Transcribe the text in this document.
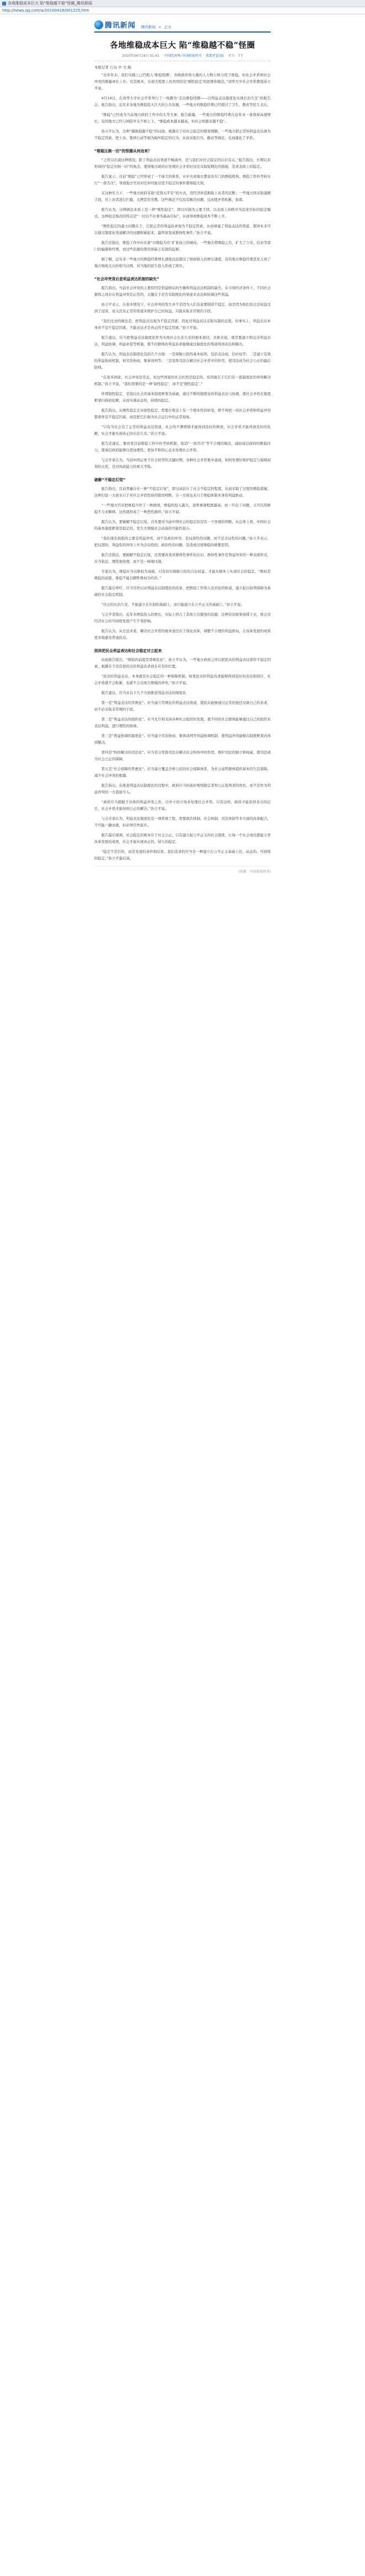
各地维稳成本巨大 陷“维稳越不稳”怪圈_腾讯新闻
http://news.qq.com/a/20100419/001225.htm
腾讯新闻 腾讯新闻 > 正文
各地维稳成本巨大 陷“维稳越不稳”怪圈
2010年04月19日 01:41 中国经济网-中国新闻周刊 我要评论(0) 字号：T T
本报记者 丘沅 中 文 编

“去年年末，我们实践上已经陷入‘维稳怪圈’，各级政府将大量的人力物力财力用于维稳，但社会矛盾和社会冲突的数量却在上升。究其根本，在很大程度上仍然用的是‘刚性稳定’的思维和做法。”清华大学社会学系教授孙立平说。

4月14日，在清华大学社会学系举行了一场题为“走出维稳怪圈——以利益表达制度化实现长治久安”的报告会。报告指出，近年来各地为维稳投入巨大的公共资源，一些地方的维稳经费已经超过了卫生、教育等民生支出。

“维稳”已经成为当前地方政府工作中的头等大事。报告披露，一些地方的维稳经费在近年来一直保持高速增长，有的地方已经与国防开支不相上下，“维稳成本越来越高，但社会却越来越不稳”。

孙立平认为，这种“越维稳越不稳”的局面，根源在于对社会稳定的错误理解。一些地方把正常的利益表达视为不稳定因素，把上访、集体行动等视为破坏稳定的行为，从而采取打压、截访等做法，反而激化了矛盾。

“维稳压倒一切”的怪圈从何而来？

“之所以出现这种情况，除了利益表达渠道不畅通外，还与我们对社会稳定的认识有关。”报告指出，长期以来形成的“稳定压倒一切”的观念，使得地方政府在处理社会矛盾时往往采取短期化的措施，追求表面上的稳定。

报告显示，目前“维稳”已经形成了一个庞大的体系，从中央到地方都设有专门的维稳机构。维稳工作的考核实行“一票否决”，导致地方官员对任何可能引发不稳定的事件都如临大敌。

在这种压力下，一些地方政府采取“花钱买平安”的方式，用经济补偿换取上访者的沉默；一些地方则采取强硬手段，对上访者进行拦截、关押甚至劳教。这些做法不仅没有解决问题，反而使矛盾积累、加深。

报告认为，这种做法本质上是一种“刚性稳定”，即以压制为主要手段、以表面上的秩序为追求目标的稳定模式。这种稳定模式的特点是“一切以不出事为最高目标”，从而导致维稳成本不断上升。

“刚性稳定的最大问题在于，它把正常的利益诉求视为不稳定因素，从而堵塞了利益表达的渠道，使得本来可以通过制度化渠道解决的问题积累起来，最终演变成群体性事件。”孙立平说。

报告还指出，维稳工作中存在着“以维稳为名”扩张权力的倾向。一些地方借维稳之名，扩大了公安、信访等部门的编制和经费，而这些资源的使用却缺乏有效的监督。

据了解，近年来一些地方的维稳经费增长速度远远超过了财政收入的增长速度。有的地方维稳经费甚至占到了地方财政支出的相当比例，对当地的民生投入形成了挤压。

“社会冲突背后是利益表达机制的缺失”

报告指出，当前社会冲突的主要原因是利益格局的失衡和利益表达机制的缺失。在市场经济条件下，不同社会群体之间存在利益冲突是正常的，关键在于是否有制度化的渠道来表达和协调这些利益。

孙立平表示，在很多情况下，社会冲突的发生并不是因为人们有意要制造不稳定，而是因为他们的合法权益受到了侵害，而又没有正常的渠道来维护自己的权益，只能采取非常规的手段。

“我们过去的做法是，把利益表达视为不稳定因素，因此对利益表达采取压制的态度。但事实上，利益表达本身并不是不稳定因素，不能表达才是真正的不稳定因素。”孙立平说。

报告建议，应当把利益表达制度化作为实现社会长治久安的根本途径。具体来说，就是要建立和完善利益表达、利益协调、利益补偿等机制，使不同群体的利益诉求能够通过制度化的渠道得到表达和解决。

报告认为，利益表达制度化包括几个方面：一是保障公民的基本权利，包括表达权、结社权等；二是建立有效的利益协商机制，如劳资协商、集体谈判等；三是发挥司法在解决社会矛盾中的作用，使司法成为社会公正的最后防线。

“在很多国家，社会冲突是常态，但这些国家的社会仍然是稳定的，原因就在于它们有一套制度化的冲突解决机制。”孙立平说，“我们需要的是一种‘韧性稳定’，而不是‘刚性稳定’。”

所谓韧性稳定，是指以社会的基本制度框架为基础，通过不断的制度化的利益表达与协调，使社会矛盾在制度框架内得到化解，从而实现动态的、持续的稳定。

报告指出，从刚性稳定走向韧性稳定，需要在观念上有一个根本性的转变，即不再把一切社会矛盾和利益冲突都看作是不稳定因素，而是把它们视为社会运行中的正常现象。

“只有当社会有了正常的利益表达渠道，社会的不满情绪才能得到及时的释放，社会矛盾才能得到及时的化解，社会才能实现真正的长治久安。”孙立平说。

报告还建议，要改变目前维稳工作中的考核机制，取消“一票否决”等不合理的做法，减轻基层政府的维稳压力，使基层政府能够以更加理性、更加平和的心态来处理社会矛盾。

与会专家认为，当前中国正处于社会转型的关键时期，各种社会矛盾集中涌现，如何处理好维护稳定与保障权利的关系，是对执政能力的重大考验。

破解“不稳定幻觉”

报告指出，目前普遍存在一种“不稳定幻觉”，即过高估计了社会不稳定的程度，从而采取了过度的维稳措施。这种幻觉一方面来自于对社会矛盾性质的错误判断，另一方面也来自于维稳体制本身的利益驱动。

“一些地方官员把维稳当作了一种政绩，维稳的投入越大，说明重视程度越高；而一旦出了问题，又可以用维稳不力来解释。这样就形成了一种恶性循环。”孙立平说。

报告认为，要破解不稳定幻觉，首先要对当前中国社会的稳定状况有一个客观的判断。从总体上看，中国社会的基本制度框架是稳定的，发生大规模社会动荡的可能性很小。

“我们现在面临的主要是利益冲突，而不是政治冲突；是局部性的问题，而不是全局性的问题。”孙立平表示，把局部的、利益性的冲突上升为全局性的、政治性的问题，是造成过度维稳的重要原因。

报告还指出，要破解不稳定幻觉，还需要改变对群体性事件的认识。群体性事件是利益冲突的一种表现形式，应当依法、理性地处理，而不是一味地压制。

专家认为，维稳应当以维权为基础，只有切实保障公民的合法权益，才能从根本上实现社会的稳定。“维权是维稳的前提，维稳不能以牺牲维权为代价。”

报告最后呼吁，应当尽快启动利益表达制度化的改革，把维稳工作纳入法治化的轨道，建立起以权利保障为基础的社会稳定机制。

“社会的长治久安，不能建立在压制的基础上，而只能建立在公平正义的基础上。”孙立平说。

与会学者指出，近年来维稳投入的增长，实际上挤占了其他公共服务的资源，这种状况如果持续下去，将会对经济社会的可持续发展产生不利影响。

报告认为，从长远来看，解决社会矛盾的根本途径在于深化改革，调整不合理的利益格局，让改革发展的成果更多地惠及普通民众。

别再把民众利益表达和社会稳定对立起来

由此报告提出，“维稳的前提是尊重民意”。孙立平认为，一些地方政府之所以把民众的利益表达看作不稳定因素，根源在于没有把民众的利益诉求放在应有的位置。

“民众的利益表达，本身就是社会稳定的一种保障机制。如果民众的利益诉求能够得到及时的表达和回应，社会矛盾就不会积累，也就不会出现大规模的冲突。”孙立平说。

报告建议，应当从以下几个方面推进利益表达的制度化：

第一是“利益表达的常规化”。应当建立常规化的利益表达渠道，使民众能够通过正常的途径反映自己的诉求，而不必采取非常规的手段。

第二是“利益表达的组织化”。应当允许和支持各种社会组织的发展，使不同的社会群体能够通过自己的组织来表达利益，进行理性的协商。

第三是“利益协调的制度化”。应当建立劳资协商、集体谈判等利益协调机制，使利益冲突能够在制度框架内得到解决。

第四是“纠纷解决的司法化”。应当充分发挥司法在解决社会纠纷中的作用，维护司法的独立和权威，使司法成为社会公正的保障。

第五是“社会保障的普惠化”。应当建立覆盖全体公民的社会保障体系，为社会弱势群体提供基本的生活保障，减少社会冲突的根源。

报告指出，在推进利益表达制度化的过程中，政府应当扮演好规则制定者和公正裁判者的角色，而不是作为利益冲突的一方直接介入。

“政府应当超脱于具体的利益冲突之外，以中立的立场来处理社会矛盾。只有这样，政府才能获得各方的信任，社会矛盾才能得到公正的解决。”孙立平说。

与会专家认为，利益表达制度化是一项系统工程，需要政治体制、社会体制、司法体制等多方面的改革配合，不可能一蹴而就，但必须尽快起步。

报告最后强调，社会稳定的根本在于社会公正。只有建立起公平正义的社会制度，让每一个社会成员都能分享改革发展的成果，社会才能实现真正的、持久的稳定。

“稳定不是目的，而是发展的条件和结果。我们追求的应当是一种建立在公平正义基础上的、动态的、可持续的稳定。”孙立平最后说。

(来源：中国新闻周刊)
